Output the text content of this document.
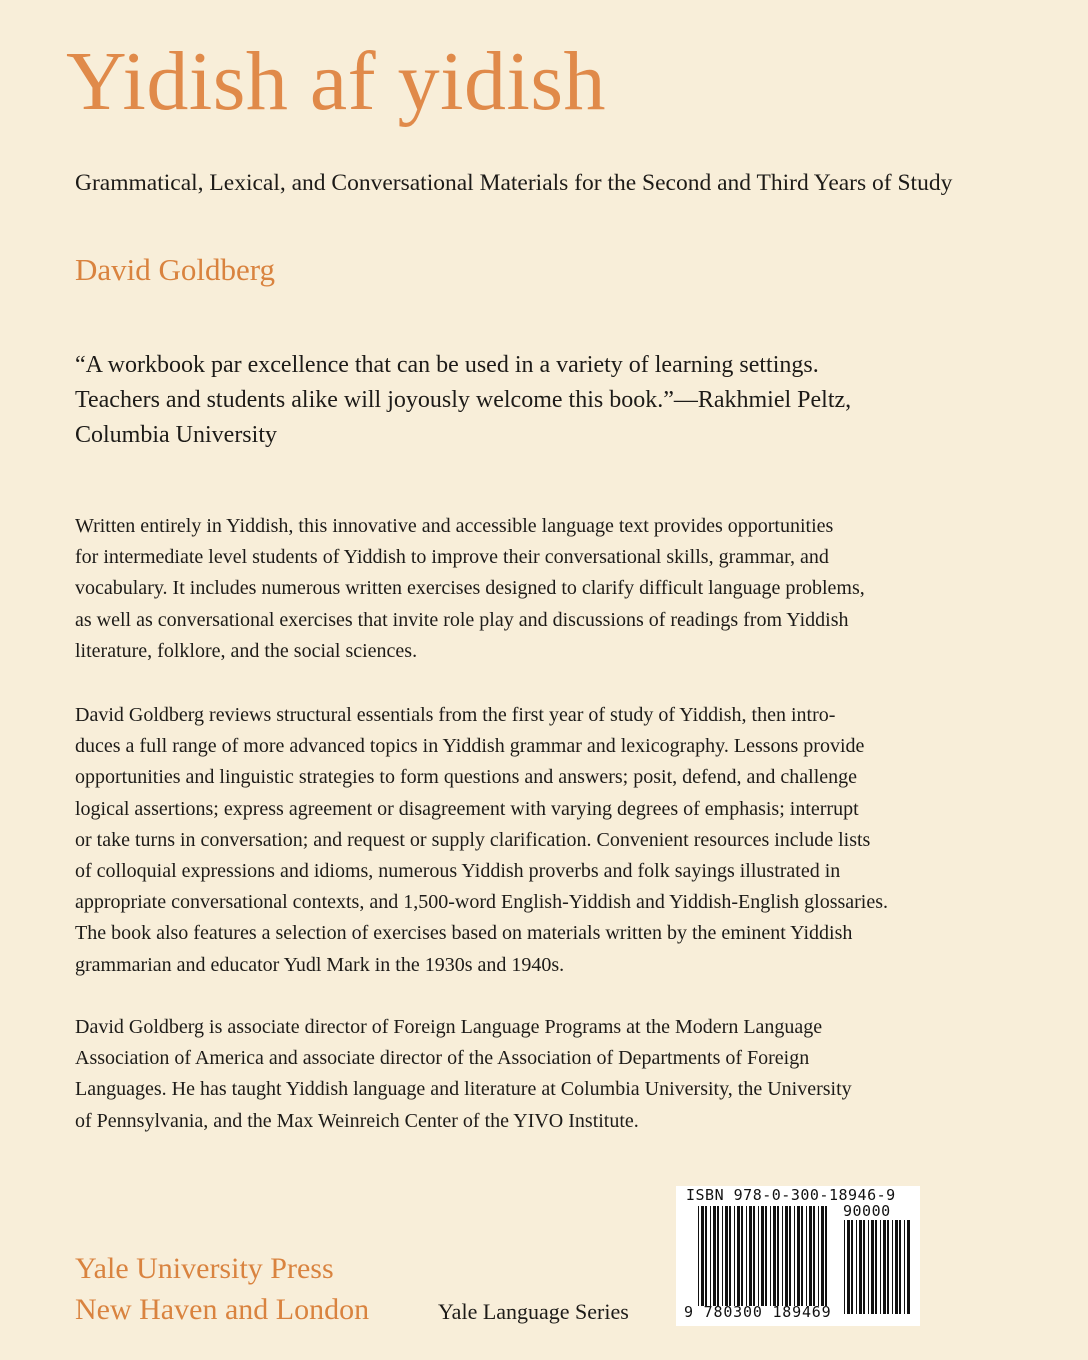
Yidish af yidish
Grammatical, Lexical, and Conversational Materials for the Second and Third Years of Study
David Goldberg
“A workbook par excellence that can be used in a variety of learning settings.
Teachers and students alike will joyously welcome this book.”—Rakhmiel Peltz,
Columbia University
Written entirely in Yiddish, this innovative and accessible language text provides opportunities
for intermediate level students of Yiddish to improve their conversational skills, grammar, and
vocabulary. It includes numerous written exercises designed to clarify difficult language problems,
as well as conversational exercises that invite role play and discussions of readings from Yiddish
literature, folklore, and the social sciences.
David Goldberg reviews structural essentials from the first year of study of Yiddish, then intro-
duces a full range of more advanced topics in Yiddish grammar and lexicography. Lessons provide
opportunities and linguistic strategies to form questions and answers; posit, defend, and challenge
logical assertions; express agreement or disagreement with varying degrees of emphasis; interrupt
or take turns in conversation; and request or supply clarification. Convenient resources include lists
of colloquial expressions and idioms, numerous Yiddish proverbs and folk sayings illustrated in
appropriate conversational contexts, and 1,500-word English-Yiddish and Yiddish-English glossaries.
The book also features a selection of exercises based on materials written by the eminent Yiddish
grammarian and educator Yudl Mark in the 1930s and 1940s.
David Goldberg is associate director of Foreign Language Programs at the Modern Language
Association of America and associate director of the Association of Departments of Foreign
Languages. He has taught Yiddish language and literature at Columbia University, the University
of Pennsylvania, and the Max Weinreich Center of the YIVO Institute.
Yale University Press
New Haven and London	Yale Language Series
ISBN 978-0-300-18946-9
90000
9 780300 189469
